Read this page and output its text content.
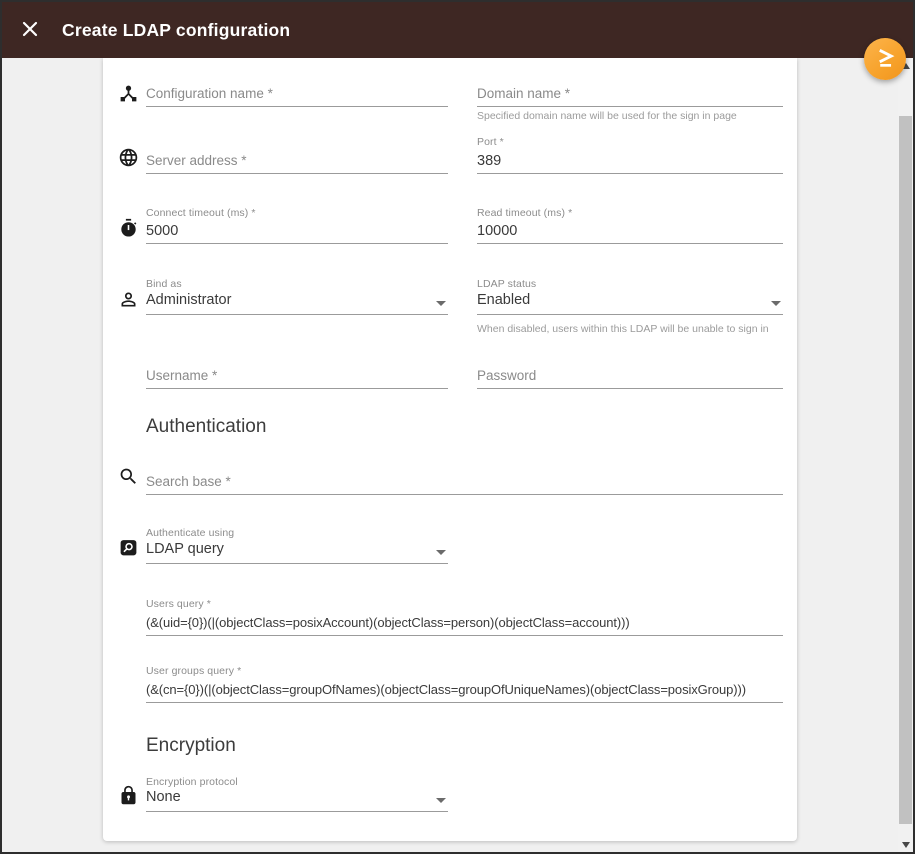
Create LDAP configuration
Configuration name *
Domain name *
Specified domain name will be used for the sign in page
Server address *
Port *
389
Connect timeout (ms) *
5000	Read timeout (ms) *
10000
Bind as
Administrator
LDAP status
Enabled
When disabled, users within this LDAP will be unable to sign in
Username *
Password
Authentication
Search base *
Authenticate using
LDAP query
Users query *
(&(uid={0})(|(objectClass=posixAccount)(objectClass=person)(objectClass=account)))
User groups query *
(&(cn={0})(|(objectClass=groupOfNames)(objectClass=groupOfUniqueNames)(objectClass=posixGroup)))
Encryption
Encryption protocol
None
